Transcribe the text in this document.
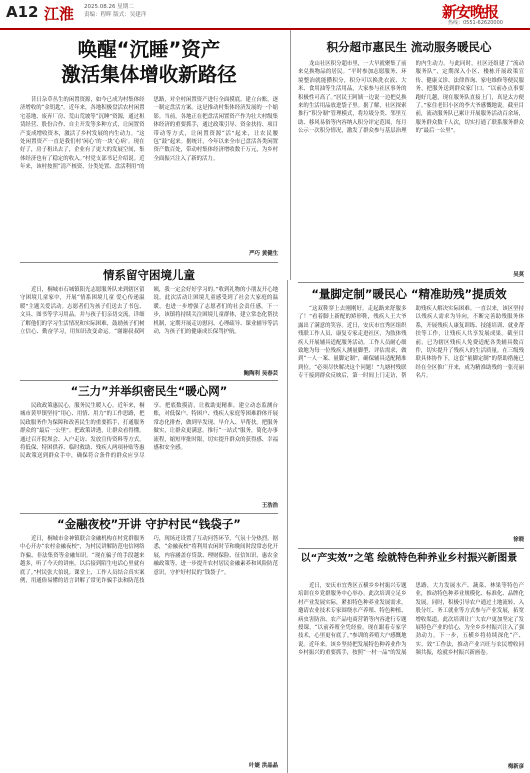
A12 江淮 2025.08.26 星期二
责编：程晖 版式：吴建洋	新安晚报
热线：0551-62620000
唤醒“沉睡”资产
激活集体增收新路径
昔日杂草丛生的闲置资源，如今已成为村集体经济增收的“金钥匙”。近年来，各地积极盘活农村闲置宅基地、废弃厂房、荒山荒坡等“沉睡”资源，通过租赁经营、股份合作、自主开发等多种方式，让闲置资产变成增收资本，激活了乡村发展的内生动力。“这处闲置资产一直是我们村‘闲心’的一块‘心病’。现在好了，房子租出去了，企业有了更大的发展空间，集体经济也有了稳定的收入。”村党支部书记介绍说。近年来，该村按照“清产核资、分类处置、盘活利用”的思路，对全村闲置资产进行全面摸底，建立台账，逐一制定盘活方案。这是推动村集体经济发展的一个缩影。当前，各地正在把盘活闲置资产作为壮大村级集体经济的重要抓手，通过政策引导、资金扶持、项目带动等方式，让闲置资源“活”起来，让农民腰包“鼓”起来。据统计，今年以来全市已盘活各类闲置资产数百处，带动村集体经济增收数千万元，为乡村全面振兴注入了新的活力。
严巧 黄健生
积分超市惠民生 流动服务暖民心
龙山社区积分超市里，一大早就聚集了前来兑换物品的居民。“平时参加志愿服务、环境整治就能攒积分，积分可以换洗衣液、大米、食用油等生活用品，大家参与社区事务的积极性可高了。”居民王阿姨一边说一边把兑换来的生活用品放进袋子里。据了解，社区探索推行“积分制”管理模式，将垃圾分类、邻里互助、移风易俗等内容纳入积分评定范围，每月公示一次积分情况，激发了群众参与基层治理的内生动力。与此同时，社区还组建了“流动服务队”，定期深入小区、楼栋开展政策宣传、健康义诊、法律咨询、家电维修等便民服务，把服务送到群众家门口。“以前办点事要跑好几趟，现在服务队直接上门，真是太方便了。”家住老旧小区的李大爷感慨地说。截至目前，流动服务队已累计开展服务活动百余场，服务群众数千人次，切实打通了联系服务群众的“最后一公里”。
吴莫
情系留守困境儿童
近日，桐城市石城镇阳光志愿服务队来到辖区留守困境儿童家中，开展“情系困境儿童 爱心传递温暖”主题关爱活动。志愿者们为孩子们送去了书包、文具、图书等学习用品，并与孩子们亲切交流，详细了解他们的学习生活情况和实际困难，鼓励孩子们树立信心、勤奋学习，用知识改变命运。“谢谢叔叔阿姨，我一定会好好学习的。”收到礼物的小朋友开心地说。此次活动让困境儿童感受到了社会大家庭的温暖，也进一步增强了志愿者们的社会责任感。下一步，该镇将持续关注困境儿童群体，建立常态化帮扶机制，定期开展走访慰问、心理疏导、课业辅导等活动，为孩子们的健康成长保驾护航。
鲍陶利 吴春芸
“三力”并举织密民生“暖心网”
民政政策惠民心，服务民生暖人心。近年来，桐城市黄甲镇坚持“用心、用情、用力”的工作思路，把民政服务作为保障和改善民生的重要抓手，打通服务群众的“最后一公里”。把政策讲透，让群众看得懂。通过召开院坝会、入户走访、发放宣传资料等方式，将低保、特困供养、临时救助、残疾人两项补贴等惠民政策送到群众手中，确保符合条件的群众应享尽享。把底数摸清，让救助更精准。建立动态监测台账，对低保户、特困户、残疾人家庭等困难群体开展常态化排查，做到早发现、早介入、早帮扶。把服务做实，让群众更满意。推行“一站式”服务，简化办事流程，缩短审批时限，切实提升群众的获得感、幸福感和安全感。
王浩浩
“金融夜校”开讲 守护村民“钱袋子”
近日，桐城市金神镇联合金融机构在村党群服务中心开办“农村金融夜校”，为村民讲解防范电信网络诈骗、非法集资等金融知识。“现在骗子的手段越来越多，听了今天的讲座，以后接到陌生电话心里就有底了。”村民张大伯说。课堂上，工作人员结合真实案例，用通俗易懂的语言讲解了常见诈骗手法和防范技巧，现场还设置了互动问答环节，气氛十分热烈。据悉，“金融夜校”将利用农闲时节和晚间时段常态化开展，内容涵盖存贷款、理财保险、征信知识、惠农金融政策等，进一步提升农村居民金融素养和风险防范意识，守护好村民的“钱袋子”。
叶婕 洪晶晶
“量脚定制”暖民心 “精准助残”提质效
“这双鞋穿上去刚刚好，走起路来舒服多了！”看着脚上新配的矫形鞋，残疾人王大爷露出了满意的笑容。近日，安庆市宜秀区组织残联工作人员、康复专家走进社区，为肢体残疾人开展辅具适配服务活动。工作人员耐心细致地为每一位残疾人测量脚型、评估需求，做到“一人一案、量脚定制”，确保辅具适配精准到位。“必须尽快解决这个问题！”九塘村残联专干接到群众反映后，第一时间上门走访，帮助残疾人解决实际困难。一直以来，该区坚持以残疾人需求为导向，不断完善助残服务体系，开展残疾人康复训练、技能培训、就业帮扶等工作，让残疾人共享发展成果。截至目前，已为辖区残疾人免费适配各类辅具数百件，切实提升了残疾人的生活质量。在三级残联具体协作下，这套“量脚定制”的帮助措施已经在全区推广开来，成为精准助残的一张亮丽名片。
徐晓
以“产实效”之笔 绘就特色种养业乡村振兴新图景
近日，安庆市宜秀区五横乡乡村振兴专题培训在乡党群服务中心举办。此次培训立足乡村产业发展实际，紧扣特色种养业发展需求，邀请农业技术专家围绕水产养殖、特色种植、病虫害防治、农产品电商营销等内容进行专题授课。“以前养殖全凭经验，现在跟着专家学技术，心里更有底了。”参训的养殖大户感慨地说。近年来，该乡坚持把发展特色种养业作为乡村振兴的重要抓手，按照“一村一品”的发展思路，大力发展水产、蔬菜、林果等特色产业，推动特色种养业规模化、标准化、品牌化发展。同时，积极引导农户通过土地流转、入股分红、务工就业等方式参与产业发展，拓宽增收渠道。此次培训让广大农户更加坚定了发展特色产业的信心，为全乡乡村振兴注入了强劲动力。下一步，五横乡将持续深化“产、实、效”工作法，推动产业兴旺与农民增收同频共振，绘就乡村振兴新画卷。
梅新彦
